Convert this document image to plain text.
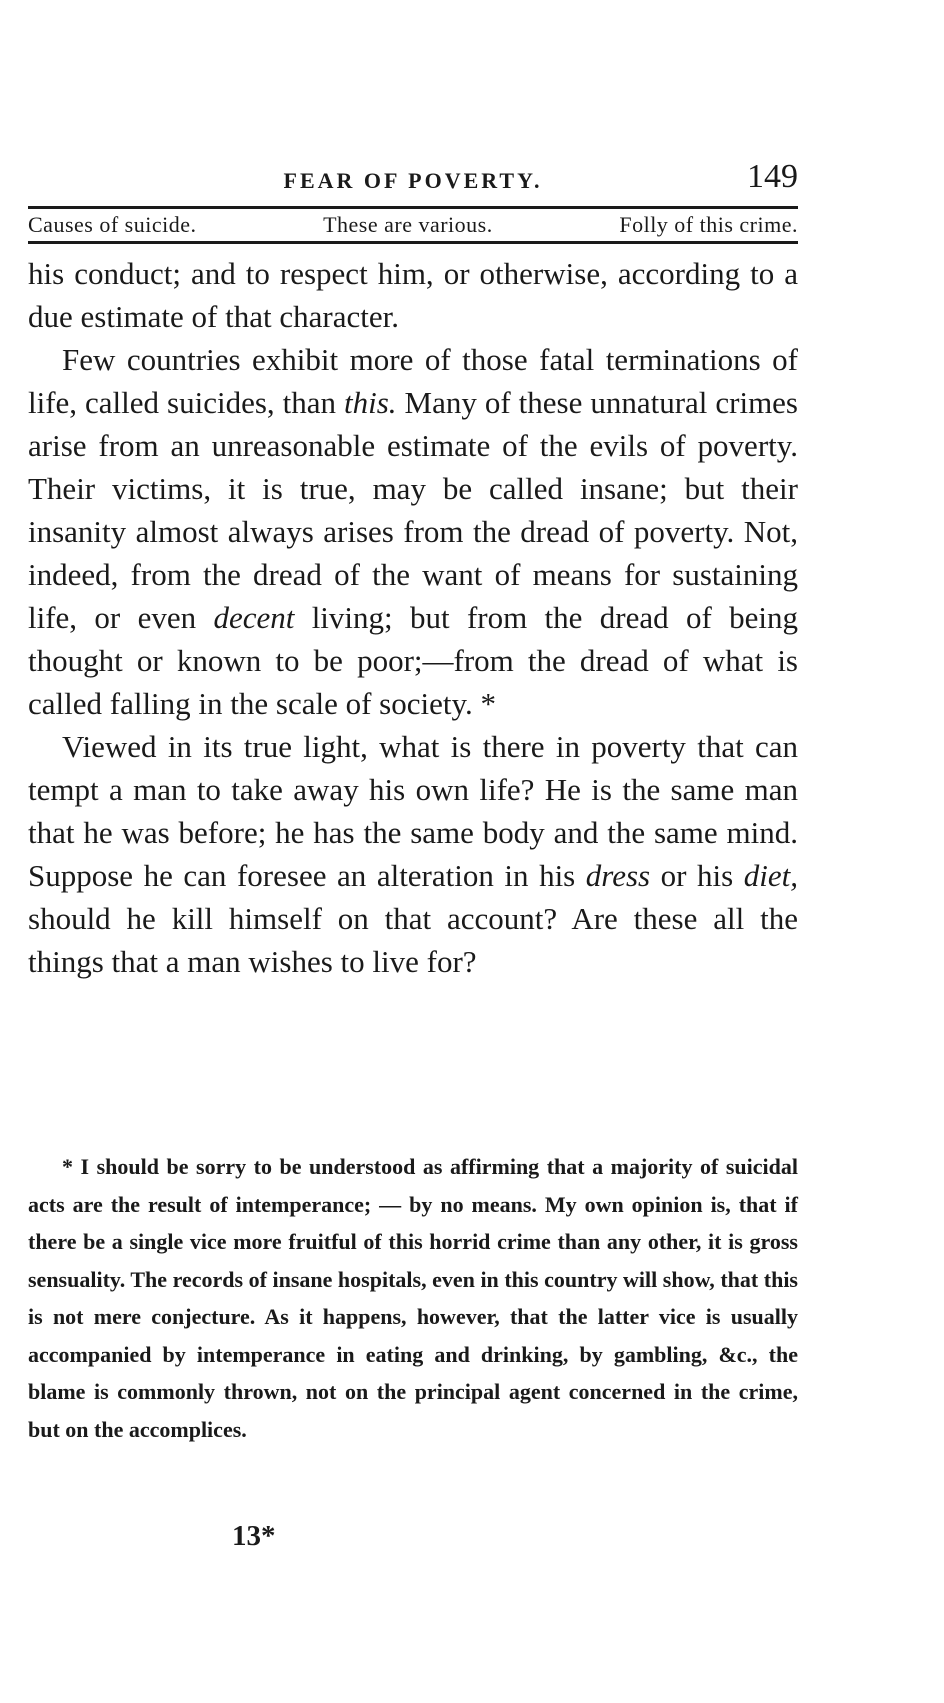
FEAR OF POVERTY.	149
Causes of suicide.	These are various.	Folly of this crime.

his conduct; and to respect him, or otherwise, according to a due estimate of that character.

Few countries exhibit more of those fatal terminations of life, called suicides, than this. Many of these unnatural crimes arise from an unreasonable estimate of the evils of poverty. Their victims, it is true, may be called insane; but their insanity almost always arises from the dread of poverty. Not, indeed, from the dread of the want of means for sustaining life, or even decent living; but from the dread of being thought or known to be poor;—from the dread of what is called falling in the scale of society. *

Viewed in its true light, what is there in poverty that can tempt a man to take away his own life? He is the same man that he was before; he has the same body and the same mind. Suppose he can foresee an alteration in his dress or his diet, should he kill himself on that account? Are these all the things that a man wishes to live for?

* I should be sorry to be understood as affirming that a majority of suicidal acts are the result of intemperance; — by no means. My own opinion is, that if there be a single vice more fruitful of this horrid crime than any other, it is gross sensuality. The records of insane hospitals, even in this country will show, that this is not mere conjecture. As it happens, however, that the latter vice is usually accompanied by intemperance in eating and drinking, by gambling, &c., the blame is commonly thrown, not on the principal agent concerned in the crime, but on the accomplices.
13*
